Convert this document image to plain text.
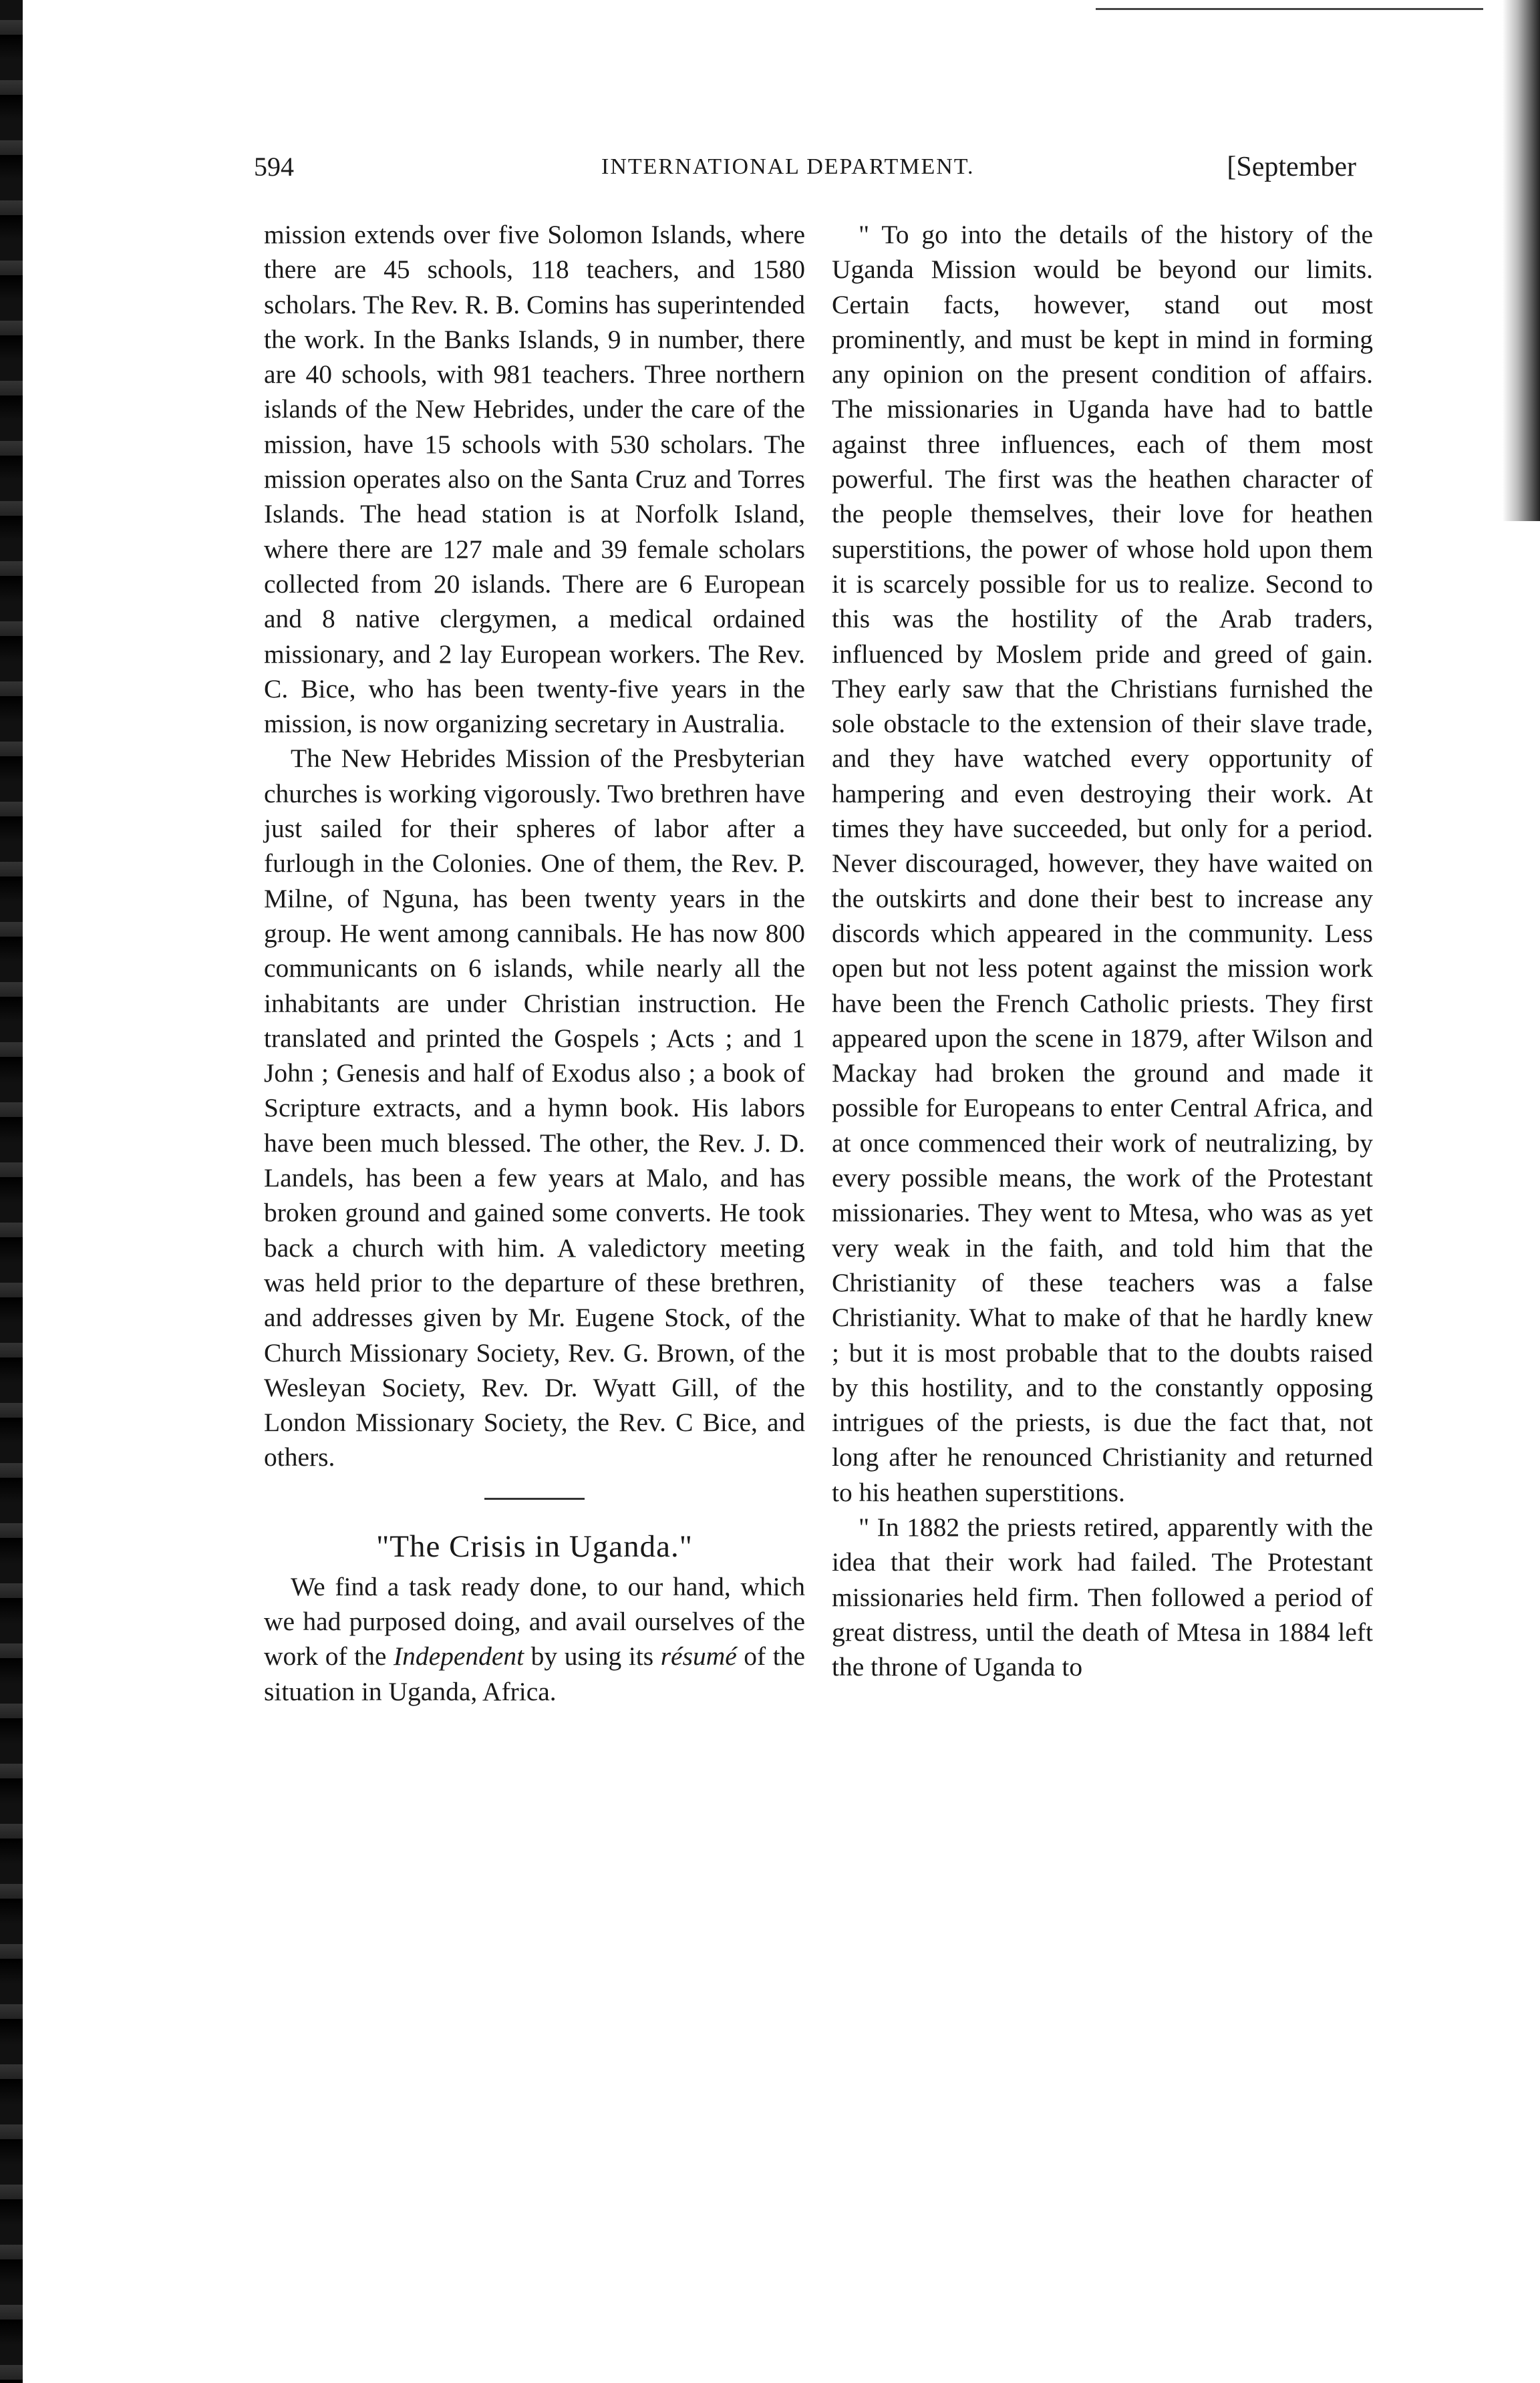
594	INTERNATIONAL DEPARTMENT.	[September

mission extends over five Solomon Islands, where there are 45 schools, 118 teachers, and 1580 scholars. The Rev. R. B. Comins has superintended the work. In the Banks Islands, 9 in number, there are 40 schools, with 981 teachers. Three northern islands of the New Hebrides, under the care of the mission, have 15 schools with 530 scholars. The mission operates also on the Santa Cruz and Torres Islands. The head station is at Norfolk Island, where there are 127 male and 39 female scholars collected from 20 islands. There are 6 European and 8 native clergymen, a medical ordained missionary, and 2 lay European workers. The Rev. C. Bice, who has been twenty-five years in the mission, is now organizing secretary in Australia.

The New Hebrides Mission of the Presbyterian churches is working vigorously. Two brethren have just sailed for their spheres of labor after a furlough in the Colonies. One of them, the Rev. P. Milne, of Nguna, has been twenty years in the group. He went among cannibals. He has now 800 communicants on 6 islands, while nearly all the inhabitants are under Christian instruction. He translated and printed the Gospels ; Acts ; and 1 John ; Genesis and half of Exodus also ; a book of Scripture extracts, and a hymn book. His labors have been much blessed. The other, the Rev. J. D. Landels, has been a few years at Malo, and has broken ground and gained some converts. He took back a church with him. A valedictory meeting was held prior to the departure of these brethren, and addresses given by Mr. Eugene Stock, of the Church Missionary Society, Rev. G. Brown, of the Wesleyan Society, Rev. Dr. Wyatt Gill, of the London Missionary Society, the Rev. C Bice, and others.

"The Crisis in Uganda."

We find a task ready done, to our hand, which we had purposed doing, and avail ourselves of the work of the Independent by using its résumé of the situation in Uganda, Africa.

" To go into the details of the history of the Uganda Mission would be beyond our limits. Certain facts, however, stand out most prominently, and must be kept in mind in forming any opinion on the present condition of affairs. The missionaries in Uganda have had to battle against three influences, each of them most powerful. The first was the heathen character of the people themselves, their love for heathen superstitions, the power of whose hold upon them it is scarcely possible for us to realize. Second to this was the hostility of the Arab traders, influenced by Moslem pride and greed of gain. They early saw that the Christians furnished the sole obstacle to the extension of their slave trade, and they have watched every opportunity of hampering and even destroying their work. At times they have succeeded, but only for a period. Never discouraged, however, they have waited on the outskirts and done their best to increase any discords which appeared in the community. Less open but not less potent against the mission work have been the French Catholic priests. They first appeared upon the scene in 1879, after Wilson and Mackay had broken the ground and made it possible for Europeans to enter Central Africa, and at once commenced their work of neutralizing, by every possible means, the work of the Protestant missionaries. They went to Mtesa, who was as yet very weak in the faith, and told him that the Christianity of these teachers was a false Christianity. What to make of that he hardly knew ; but it is most probable that to the doubts raised by this hostility, and to the constantly opposing intrigues of the priests, is due the fact that, not long after he renounced Christianity and returned to his heathen superstitions.

" In 1882 the priests retired, apparently with the idea that their work had failed. The Protestant missionaries held firm. Then followed a period of great distress, until the death of Mtesa in 1884 left the throne of Uganda to
